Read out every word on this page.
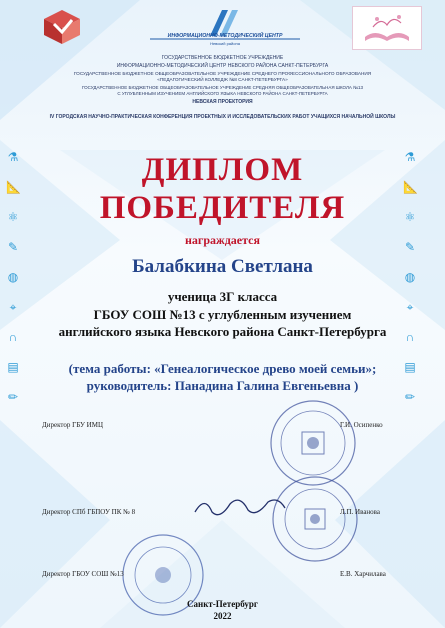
ИНФОРМАЦИОННО-МЕТОДИЧЕСКИЙ ЦЕНТР
Невский района
ГОСУДАРСТВЕННОЕ БЮДЖЕТНОЕ УЧРЕЖДЕНИЕ
ИНФОРМАЦИОННО-МЕТОДИЧЕСКИЙ ЦЕНТР НЕВСКОГО РАЙОНА САНКТ-ПЕТЕРБУРГА
ГОСУДАРСТВЕННОЕ БЮДЖЕТНОЕ ОБЩЕОБРАЗОВАТЕЛЬНОЕ УЧРЕЖДЕНИЕ СРЕДНЕГО ПРОФЕССИОНАЛЬНОГО ОБРАЗОВАНИЯ
«ПЕДАГОГИЧЕСКИЙ КОЛЛЕДЖ №8 САНКТ-ПЕТЕРБУРГА»
ГОСУДАРСТВЕННОЕ БЮДЖЕТНОЕ ОБЩЕОБРАЗОВАТЕЛЬНОЕ УЧРЕЖДЕНИЕ СРЕДНЯЯ ОБЩЕОБРАЗОВАТЕЛЬНАЯ ШКОЛА №13
С УГЛУБЛЕННЫМ ИЗУЧЕНИЕМ АНГЛИЙСКОГО ЯЗЫКА НЕВСКОГО РАЙОНА САНКТ-ПЕТЕРБУРГА
НЕВСКАЯ ПРОЕКТОРИЯ
IV ГОРОДСКАЯ НАУЧНО-ПРАКТИЧЕСКАЯ КОНФЕРЕНЦИЯ ПРОЕКТНЫХ И ИССЛЕДОВАТЕЛЬСКИХ РАБОТ УЧАЩИХСЯ НАЧАЛЬНОЙ ШКОЛЫ
⚗
📐
⚛
✎
◍
⌖
∩
▤
✏
⚗
📐
⚛
✎
◍
⌖
∩
▤
✏
ДИПЛОМ
ПОБЕДИТЕЛЯ
награждается
Балабкина Светлана
ученица 3Г класса
ГБОУ СОШ №13 с углубленным изучением
английского языка Невского района Санкт-Петербурга
(тема работы: «Генеалогическое древо моей семьи»;
руководитель: Панадина Галина Евгеньевна )
Директор ГБУ ИМЦ	Г.И. Осипенко
Директор СПб ГБПОУ ПК № 8	Л.П. Иванова
Директор ГБОУ СОШ №13	Е.В. Харчилава
Санкт-Петербург
2022
